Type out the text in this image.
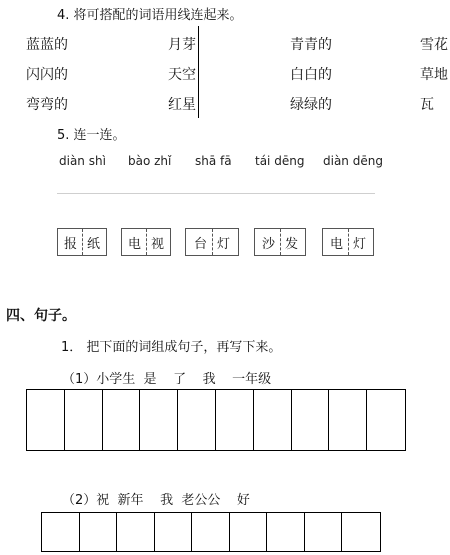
4. 将可搭配的词语用线连起来。
蓝蓝的
闪闪的
弯弯的
月芽
天空
红星
青青的
白白的
绿绿的
雪花
草地
瓦
5. 连一连。
diàn shì bào zhǐ shā fā tái dēng diàn dēng
报 纸 电 视 台 灯 沙 发 电 灯
四、句子。
1． 把下面的词组成句子，再写下来。
（1）小学生  是    了    我    一年级
（2）祝  新年    我  老公公    好
